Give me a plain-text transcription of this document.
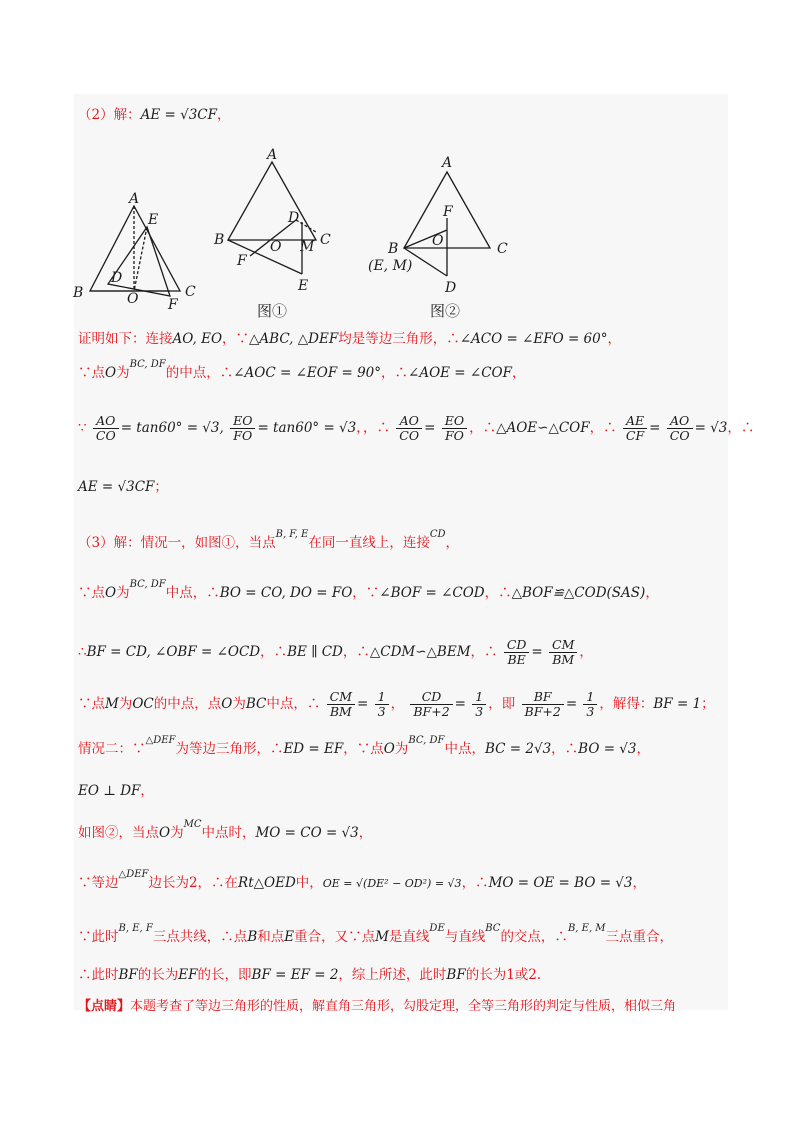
（2）解：AE = √3CF，
A
E
D
B	O F
C
A
D
B	O M C
F
E
A
F
B O	C
(E, M)
D
图①	图②
证明如下：连接AO, EO，∵△ABC, △DEF均是等边三角形，∴∠ACO = ∠EFO = 60°，
∵点O为$^{BC, DF}$的中点，∴∠AOC = ∠EOF = 90°，∴∠AOE = ∠COF，
∵ $\frac{AO}{CO} = \tan 60^\circ = √3$, $\frac{EO}{FO} = \tan 60^\circ = √3$，，∴ $\frac{AO}{CO} = \frac{EO}{FO}$ ，∴△AOE∽△COF，∴ $\frac{AE}{CF} = \frac{AO}{CO} = √3$，∴
AE = √3CF；
（3）解：情况一，如图①，当点$^{B, F, E}$在同一直线上，连接$^{CD}$，
∵点O为$^{BC, DF}$中点，∴BO = CO, DO = FO，∵∠BOF = ∠COD，∴△BOF≌△COD(SAS)，
∴BF = CD, ∠OBF = ∠OCD，∴BE ∥ CD，∴△CDM∽△BEM，∴ $\frac{CD}{BE} = \frac{CM}{BM}$ ，
∵点M为OC的中点，点O为BC中点，∴ $\frac{CM}{BM} = \frac{1}{3}$ ， $\frac{CD}{BF+2} = \frac{1}{3}$ ，即 $\frac{BF}{BF+2} = \frac{1}{3}$ ，解得：BF = 1；
情况二：∵$^{\triangle DEF}$为等边三角形，∴ED = EF，∵点O为$^{BC, DF}$中点，BC = 2√3，∴BO = √3，
EO ⊥ DF，
如图②，当点O为$^{MC}$中点时，MO = CO = √3，
∵等边$^{\triangle DEF}$边长为2，∴在Rt△OED中，OE = √(DE² − OD²) = √3，∴MO = OE = BO = √3，
∵此时$^{B, E, F}$三点共线，∴点B和点E重合，又∵点M是直线$^{DE}$与直线$^{BC}$的交点，∴$^{B, E, M}$三点重合，
∴此时BF的长为EF的长，即BF = EF = 2，综上所述，此时BF的长为1或2.
【点睛】本题考查了等边三角形的性质，解直角三角形，勾股定理，全等三角形的判定与性质，相似三角
